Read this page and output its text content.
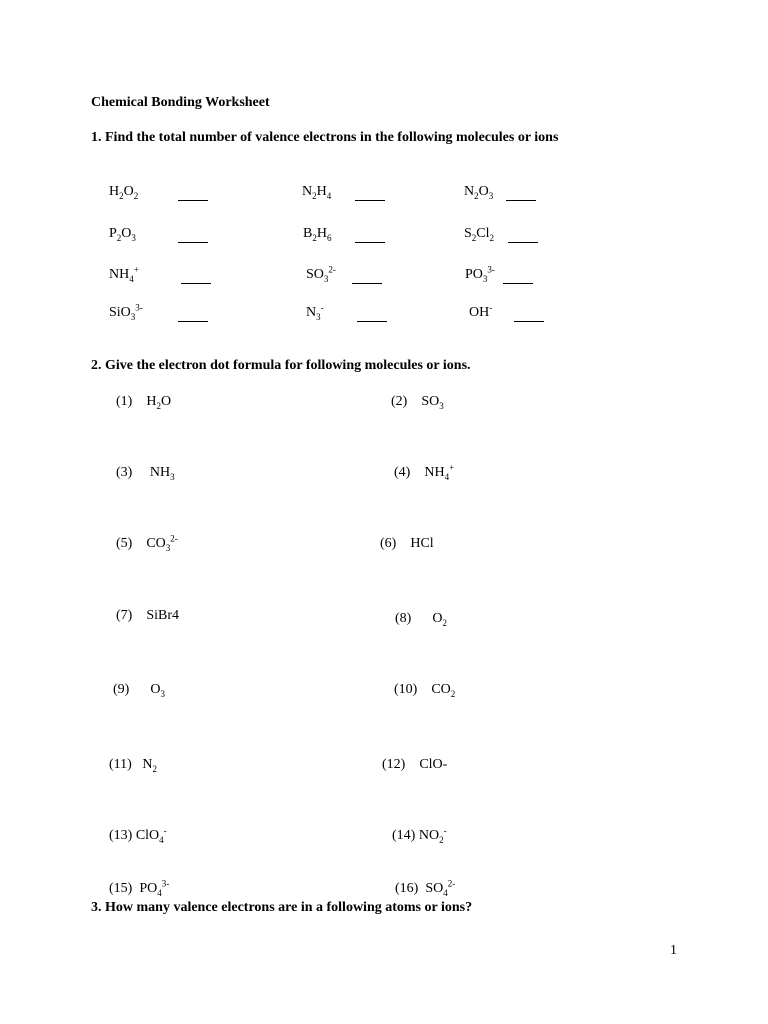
Chemical Bonding Worksheet
1. Find the total number of valence electrons in the following molecules or ions
$H_2O_2$	$N_2H_4$	$N_2O_3$
$P_2O_3$	$B_2H_6$	$S_2Cl_2$
$NH_4^+$	$SO_3^{2-}$	$PO_3^{3-}$
SiO$_3^{3-}$	$N_3^-$	OH-
2. Give the electron dot formula for following molecules or ions.
(1) $H_2O$	(2) $SO_3$
(3) $NH_3$	(4) $NH_4^+$
(5) $CO_3^{2-}$	(6) HCl
(7) SiBr4	(8) $O_2$
(9) $O_3$	(10) $CO_2$
(11) $N_2$	(12) ClO-
(13) ClO$_4$-	(14) $NO_2^-$
(15) $PO_4^{3-}$	(16) $SO_4^{2-}$
3. How many valence electrons are in a following atoms or ions?
1
